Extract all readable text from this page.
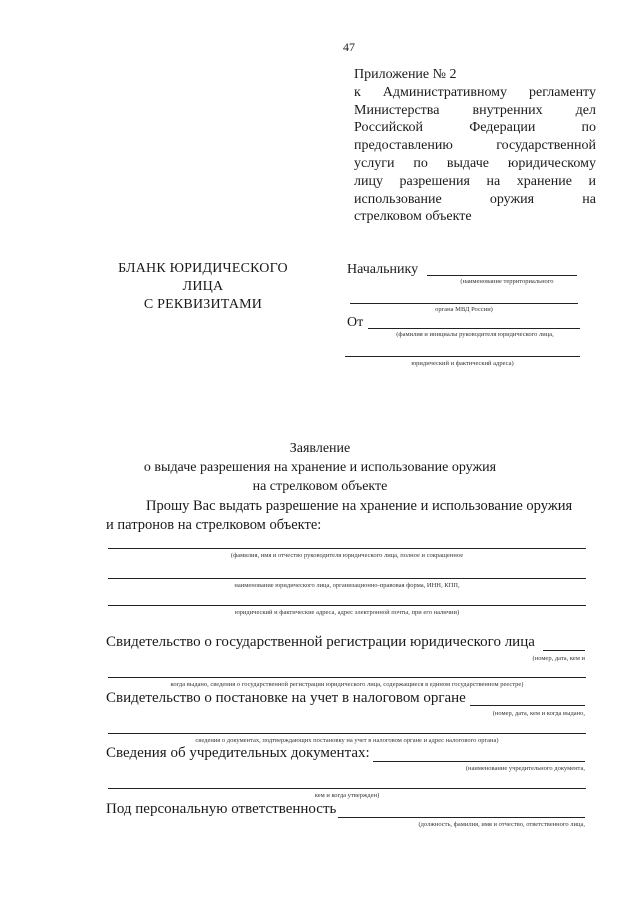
47
Приложение № 2
к Административному регламенту
Министерства внутренних дел
Российской Федерации по
предоставлению государственной
услуги по выдаче юридическому
лицу разрешения на хранение и
использование оружия на
стрелковом объекте
БЛАНК ЮРИДИЧЕСКОГО ЛИЦА
С РЕКВИЗИТАМИ
Начальнику
(наименование территориального
органа МВД России)
От
(фамилия и инициалы руководителя юридического лица,
юридический и фактический адреса)
Заявление
о выдаче разрешения на хранение и использование оружия
на стрелковом объекте
Прошу Вас выдать разрешение на хранение и использование оружия
и патронов на стрелковом объекте:
(фамилия, имя и отчество руководителя юридического лица, полное и сокращенное
наименование юридического лица, организационно-правовая форма, ИНН, КПП,
юридический и фактические адреса, адрес электронной почты, при его наличии)
Свидетельство о государственной регистрации юридического лица
(номер, дата, кем и
когда выдано, сведения о государственной регистрации юридического лица, содержащиеся в едином государственном реестре)
Свидетельство о постановке на учет в налоговом органе
(номер, дата, кем и когда выдано,
сведения о документах, подтверждающих постановку на учет в налоговом органе и адрес налогового органа)
Сведения об учредительных документах:
(наименование учредительного документа,
кем и когда утвержден)
Под персональную ответственность
(должность, фамилия, имя и отчество, ответственного лица,
